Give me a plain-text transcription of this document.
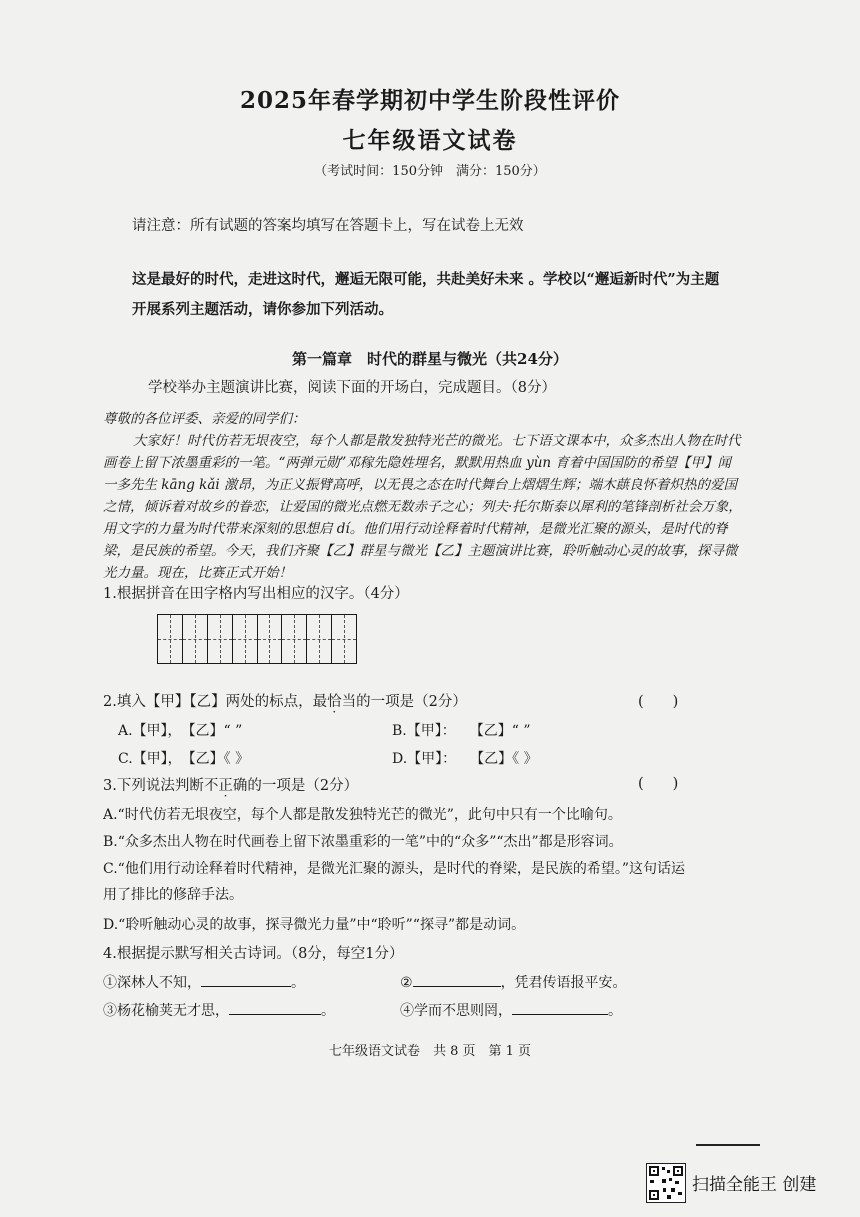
2025年春学期初中学生阶段性评价
七年级语文试卷
（考试时间：150分钟　满分：150分）
请注意：所有试题的答案均填写在答题卡上，写在试卷上无效
这是最好的时代，走进这时代，邂逅无限可能，共赴美好未来 。学校以“邂逅新时代”为主题开展系列主题活动，请你参加下列活动。
第一篇章　时代的群星与微光（共24分）
学校举办主题演讲比赛，阅读下面的开场白，完成题目。（8分）
尊敬的各位评委、亲爱的同学们：
大家好！时代仿若无垠夜空，每个人都是散发独特光芒的微光。七下语文课本中，众多杰出人物在时代画卷上留下浓墨重彩的一笔。“两弹元勋”邓稼先隐姓埋名，默默用热血 yùn 育着中国国防的希望【甲】闻一多先生 kāng kǎi 激昂，为正义振臂高呼，以无畏之态在时代舞台上熠熠生辉；端木蕻良怀着炽热的爱国之情，倾诉着对故乡的眷恋，让爱国的微光点燃无数赤子之心；列夫·托尔斯泰以犀利的笔锋剖析社会万象，用文字的力量为时代带来深刻的思想启 dí。他们用行动诠释着时代精神，是微光汇聚的源头，是时代的脊梁，是民族的希望。今天，我们齐聚【乙】群星与微光【乙】主题演讲比赛，聆听触动心灵的故事，探寻微光力量。现在，比赛正式开始！
1.根据拼音在田字格内写出相应的汉字。（4分）
2.填入【甲】【乙】两处的标点，最恰当的一项是（2分）	(　　)
A.【甲】，　【乙】“ ”	B.【甲】：　　【乙】“ ”
C.【甲】，　【乙】《 》	D.【甲】：　　【乙】《 》
3.下列说法判断不正确的一项是（2分）	(　　)
A.“时代仿若无垠夜空，每个人都是散发独特光芒的微光”，此句中只有一个比喻句。
B.“众多杰出人物在时代画卷上留下浓墨重彩的一笔”中的“众多”“杰出”都是形容词。
C.“他们用行动诠释着时代精神，是微光汇聚的源头，是时代的脊梁，是民族的希望。”这句话运
用了排比的修辞手法。
D.“聆听触动心灵的故事，探寻微光力量”中“聆听”“探寻”都是动词。
4.根据提示默写相关古诗词。（8分，每空1分）
①深林人不知，	。	②	，凭君传语报平安。
③杨花榆荚无才思，	。	④学而不思则罔，	。
七年级语文试卷　共 8 页　第 1 页
扫描全能王 创建
